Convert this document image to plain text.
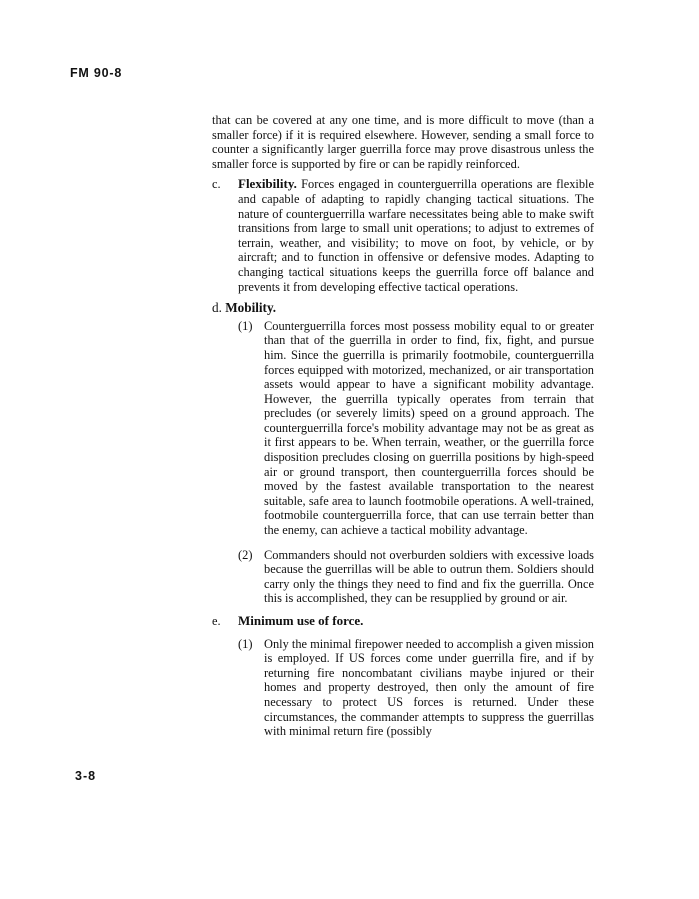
FM 90-8

that can be covered at any one time, and is more difficult to move (than a smaller force) if it is required elsewhere. However, sending a small force to counter a significantly larger guerrilla force may prove disastrous unless the smaller force is supported by fire or can be rapidly reinforced.

c. Flexibility. Forces engaged in counterguerrilla operations are flexible and capable of adapting to rapidly changing tactical situations. The nature of counterguerrilla warfare necessitates being able to make swift transitions from large to small unit operations; to adjust to extremes of terrain, weather, and visibility; to move on foot, by vehicle, or by aircraft; and to function in offensive or defensive modes. Adapting to changing tactical situations keeps the guerrilla force off balance and prevents it from developing effective tactical operations.

d. Mobility.
(1) Counterguerrilla forces most possess mobility equal to or greater than that of the guerrilla in order to find, fix, fight, and pursue him. Since the guerrilla is primarily footmobile, counterguerrilla forces equipped with motorized, mechanized, or air transportation assets would appear to have a significant mobility advantage. However, the guerrilla typically operates from terrain that precludes (or severely limits) speed on a ground approach. The counterguerrilla force's mobility advantage may not be as great as it first appears to be. When terrain, weather, or the guerrilla force disposition precludes closing on guerrilla positions by high-speed air or ground transport, then counterguerrilla forces should be moved by the fastest available transportation to the nearest suitable, safe area to launch footmobile operations. A well-trained, footmobile counterguerrilla force, that can use terrain better than the enemy, can achieve a tactical mobility advantage.

(2) Commanders should not overburden soldiers with excessive loads because the guerrillas will be able to outrun them. Soldiers should carry only the things they need to find and fix the guerrilla. Once this is accomplished, they can be resupplied by ground or air.

e. Minimum use of force.

(1) Only the minimal firepower needed to accomplish a given mission is employed. If US forces come under guerrilla fire, and if by returning fire noncombatant civilians maybe injured or their homes and property destroyed, then only the amount of fire necessary to protect US forces is returned. Under these circumstances, the commander attempts to suppress the guerrillas with minimal return fire (possibly

3-8
